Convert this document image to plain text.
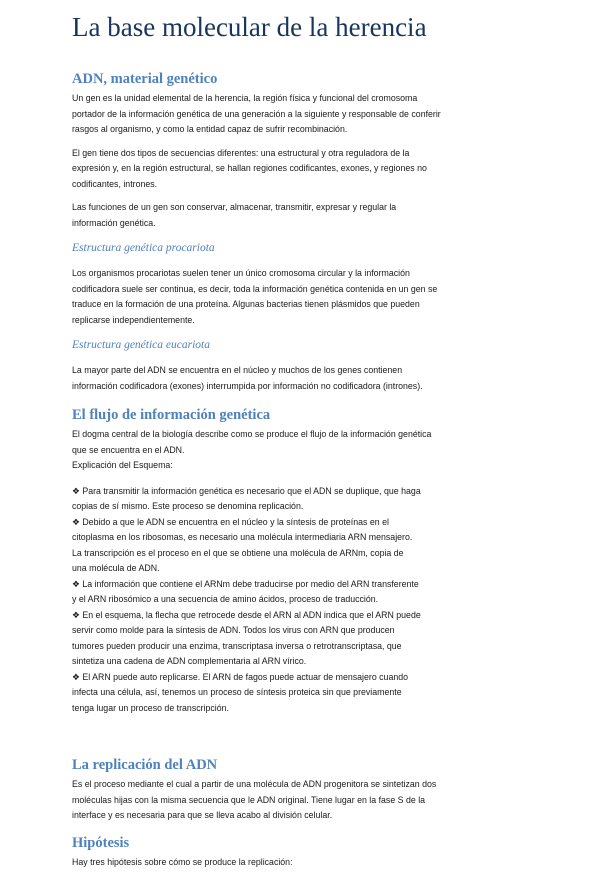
La base molecular de la herencia
ADN, material genético

Un gen es la unidad elemental de la herencia, la región física y funcional del cromosoma
portador de la información genética de una generación a la siguiente y responsable de conferir
rasgos al organismo, y como la entidad capaz de sufrir recombinación.

El gen tiene dos tipos de secuencias diferentes: una estructural y otra reguladora de la
expresión y, en la región estructural, se hallan regiones codificantes, exones, y regiones no
codificantes, intrones.

Las funciones de un gen son conservar, almacenar, transmitir, expresar y regular la
información genética.

Estructura genética procariota

Los organismos procariotas suelen tener un único cromosoma circular y la información
codificadora suele ser continua, es decir, toda la información genética contenida en un gen se
traduce en la formación de una proteína. Algunas bacterias tienen plásmidos que pueden
replicarse independientemente.

Estructura genética eucariota

La mayor parte del ADN se encuentra en el núcleo y muchos de los genes contienen
información codificadora (exones) interrumpida por información no codificadora (intrones).

El flujo de información genética

El dogma central de la biología describe como se produce el flujo de la información genética
que se encuentra en el ADN.
Explicación del Esquema:

❖ Para transmitir la información genética es necesario que el ADN se duplique, que haga
copias de sí mismo. Este proceso se denomina replicación.
❖ Debido a que le ADN se encuentra en el núcleo y la síntesis de proteínas en el
citoplasma en los ribosomas, es necesario una molécula intermediaria ARN mensajero.
La transcripción es el proceso en el que se obtiene una molécula de ARNm, copia de
una molécula de ADN.
❖ La información que contiene el ARNm debe traducirse por medio del ARN transferente
y el ARN ribosómico a una secuencia de amino ácidos, proceso de traducción.
❖ En el esquema, la flecha que retrocede desde el ARN al ADN indica que el ARN puede
servir como molde para la síntesis de ADN. Todos los virus con ARN que producen
tumores pueden producir una enzima, transcriptasa inversa o retrotranscriptasa, que
sintetiza una cadena de ADN complementaria al ARN vírico.
❖ El ARN puede auto replicarse. El ARN de fagos puede actuar de mensajero cuando
infecta una célula, así, tenemos un proceso de síntesis proteica sin que previamente
tenga lugar un proceso de transcripción.
La replicación del ADN

Es el proceso mediante el cual a partir de una molécula de ADN progenitora se sintetizan dos
moléculas hijas con la misma secuencia que le ADN original. Tiene lugar en la fase S de la
interface y es necesaria para que se lleva acabo al división celular.

Hipótesis

Hay tres hipótesis sobre cómo se produce la replicación:
